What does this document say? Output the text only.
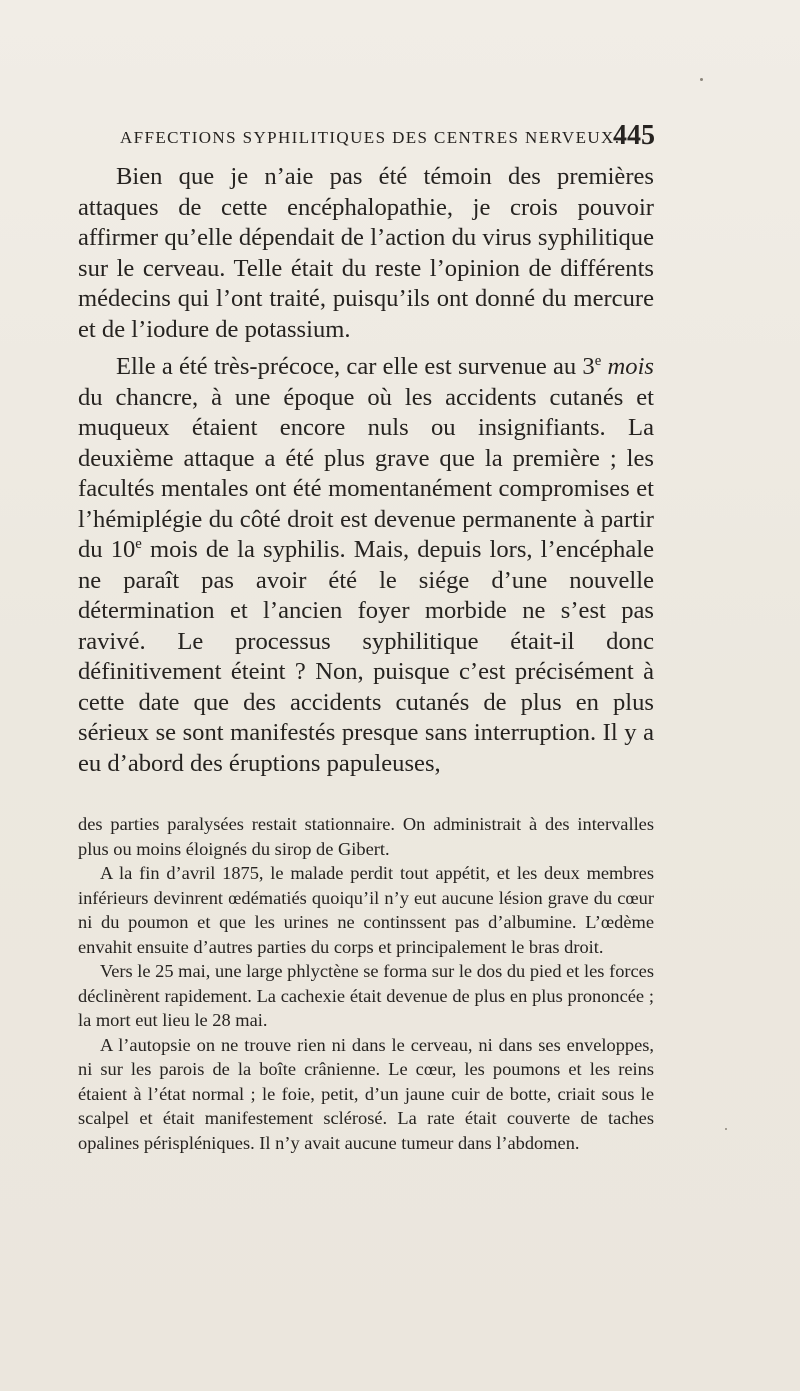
AFFECTIONS SYPHILITIQUES DES CENTRES NERVEUX.
445

Bien que je n’aie pas été témoin des premières attaques de cette encéphalopathie, je crois pouvoir affirmer qu’elle dépendait de l’action du virus syphilitique sur le cerveau. Telle était du reste l’opinion de différents médecins qui l’ont traité, puisqu’ils ont donné du mercure et de l’iodure de potassium.

Elle a été très-précoce, car elle est survenue au 3e mois du chancre, à une époque où les accidents cutanés et muqueux étaient encore nuls ou insignifiants. La deuxième attaque a été plus grave que la première ; les facultés mentales ont été momentanément compromises et l’hémiplégie du côté droit est devenue permanente à partir du 10e mois de la syphilis. Mais, depuis lors, l’encéphale ne paraît pas avoir été le siége d’une nouvelle détermination et l’ancien foyer morbide ne s’est pas ravivé. Le processus syphilitique était-il donc définitivement éteint ? Non, puisque c’est précisément à cette date que des accidents cutanés de plus en plus sérieux se sont manifestés presque sans interruption. Il y a eu d’abord des éruptions papuleuses,

des parties paralysées restait stationnaire. On administrait à des intervalles plus ou moins éloignés du sirop de Gibert.

A la fin d’avril 1875, le malade perdit tout appétit, et les deux membres inférieurs devinrent œdématiés quoiqu’il n’y eut aucune lésion grave du cœur ni du poumon et que les urines ne continssent pas d’albumine. L’œdème envahit ensuite d’autres parties du corps et principalement le bras droit.

Vers le 25 mai, une large phlyctène se forma sur le dos du pied et les forces déclinèrent rapidement. La cachexie était devenue de plus en plus prononcée ; la mort eut lieu le 28 mai.

A l’autopsie on ne trouve rien ni dans le cerveau, ni dans ses enveloppes, ni sur les parois de la boîte crânienne. Le cœur, les poumons et les reins étaient à l’état normal ; le foie, petit, d’un jaune cuir de botte, criait sous le scalpel et était manifestement sclérosé. La rate était couverte de taches opalines périspléniques. Il n’y avait aucune tumeur dans l’abdomen.
